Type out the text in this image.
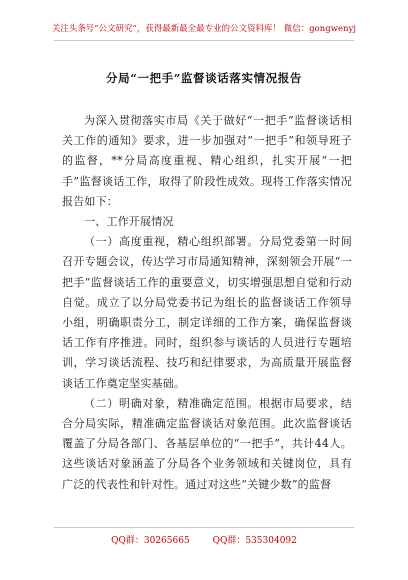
关注头条号“公文研究”，获得最新最全最专业的公文资料库！ 微信：gongwenyj
分局“一把手”监督谈话落实情况报告

为深入贯彻落实市局《关于做好“一把手”监督谈话相关工作的通知》要求，进一步加强对“一把手”和领导班子的监督，**分局高度重视、精心组织，扎实开展“一把手”监督谈话工作，取得了阶段性成效。现将工作落实情况报告如下：

一、工作开展情况

（一）高度重视，精心组织部署。分局党委第一时间召开专题会议，传达学习市局通知精神，深刻领会开展“一把手”监督谈话工作的重要意义，切实增强思想自觉和行动自觉。成立了以分局党委书记为组长的监督谈话工作领导小组，明确职责分工，制定详细的工作方案，确保监督谈话工作有序推进。同时，组织参与谈话的人员进行专题培训，学习谈话流程、技巧和纪律要求，为高质量开展监督谈话工作奠定坚实基础。

（二）明确对象，精准确定范围。根据市局要求，结合分局实际，精准确定监督谈话对象范围。此次监督谈话覆盖了分局各部门、各基层单位的“一把手”，共计44人。这些谈话对象涵盖了分局各个业务领域和关键岗位，具有广泛的代表性和针对性。通过对这些“关键少数”的监督

QQ群：30265665	QQ群：535304092
